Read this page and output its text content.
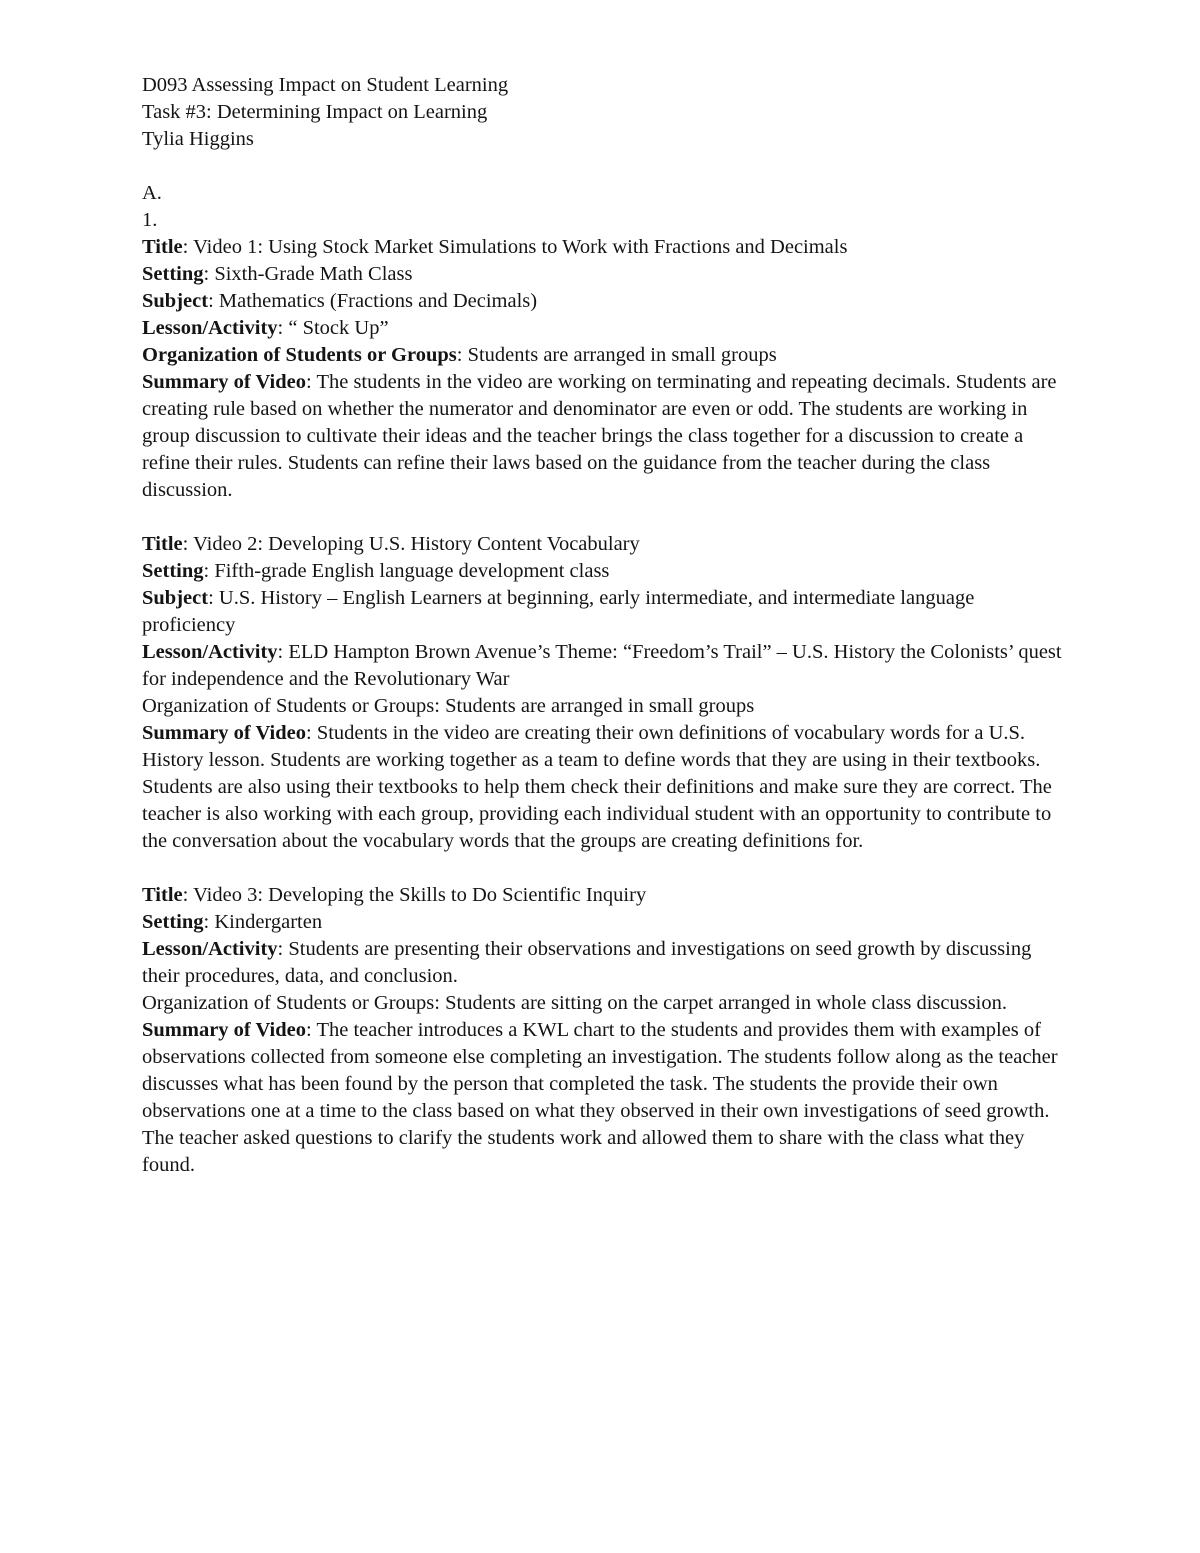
D093 Assessing Impact on Student Learning
Task #3: Determining Impact on Learning
Tylia Higgins
A.
1.

Title: Video 1: Using Stock Market Simulations to Work with Fractions and Decimals

Setting: Sixth-Grade Math Class

Subject: Mathematics (Fractions and Decimals)

Lesson/Activity: “ Stock Up”

Organization of Students or Groups: Students are arranged in small groups

Summary of Video: The students in the video are working on terminating and repeating decimals. Students are creating rule based on whether the numerator and denominator are even or odd. The students are working in group discussion to cultivate their ideas and the teacher brings the class together for a discussion to create a refine their rules. Students can refine their laws based on the guidance from the teacher during the class discussion.

Title: Video 2: Developing U.S. History Content Vocabulary

Setting: Fifth-grade English language development class

Subject: U.S. History – English Learners at beginning, early intermediate, and intermediate language proficiency

Lesson/Activity: ELD Hampton Brown Avenue’s Theme: “Freedom’s Trail” – U.S. History the Colonists’ quest for independence and the Revolutionary War

Organization of Students or Groups: Students are arranged in small groups

Summary of Video: Students in the video are creating their own definitions of vocabulary words for a U.S. History lesson. Students are working together as a team to define words that they are using in their textbooks. Students are also using their textbooks to help them check their definitions and make sure they are correct. The teacher is also working with each group, providing each individual student with an opportunity to contribute to the conversation about the vocabulary words that the groups are creating definitions for.

Title: Video 3: Developing the Skills to Do Scientific Inquiry

Setting: Kindergarten

Lesson/Activity: Students are presenting their observations and investigations on seed growth by discussing their procedures, data, and conclusion.

Organization of Students or Groups: Students are sitting on the carpet arranged in whole class discussion.

Summary of Video: The teacher introduces a KWL chart to the students and provides them with examples of observations collected from someone else completing an investigation. The students follow along as the teacher discusses what has been found by the person that completed the task. The students the provide their own observations one at a time to the class based on what they observed in their own investigations of seed growth. The teacher asked questions to clarify the students work and allowed them to share with the class what they found.
